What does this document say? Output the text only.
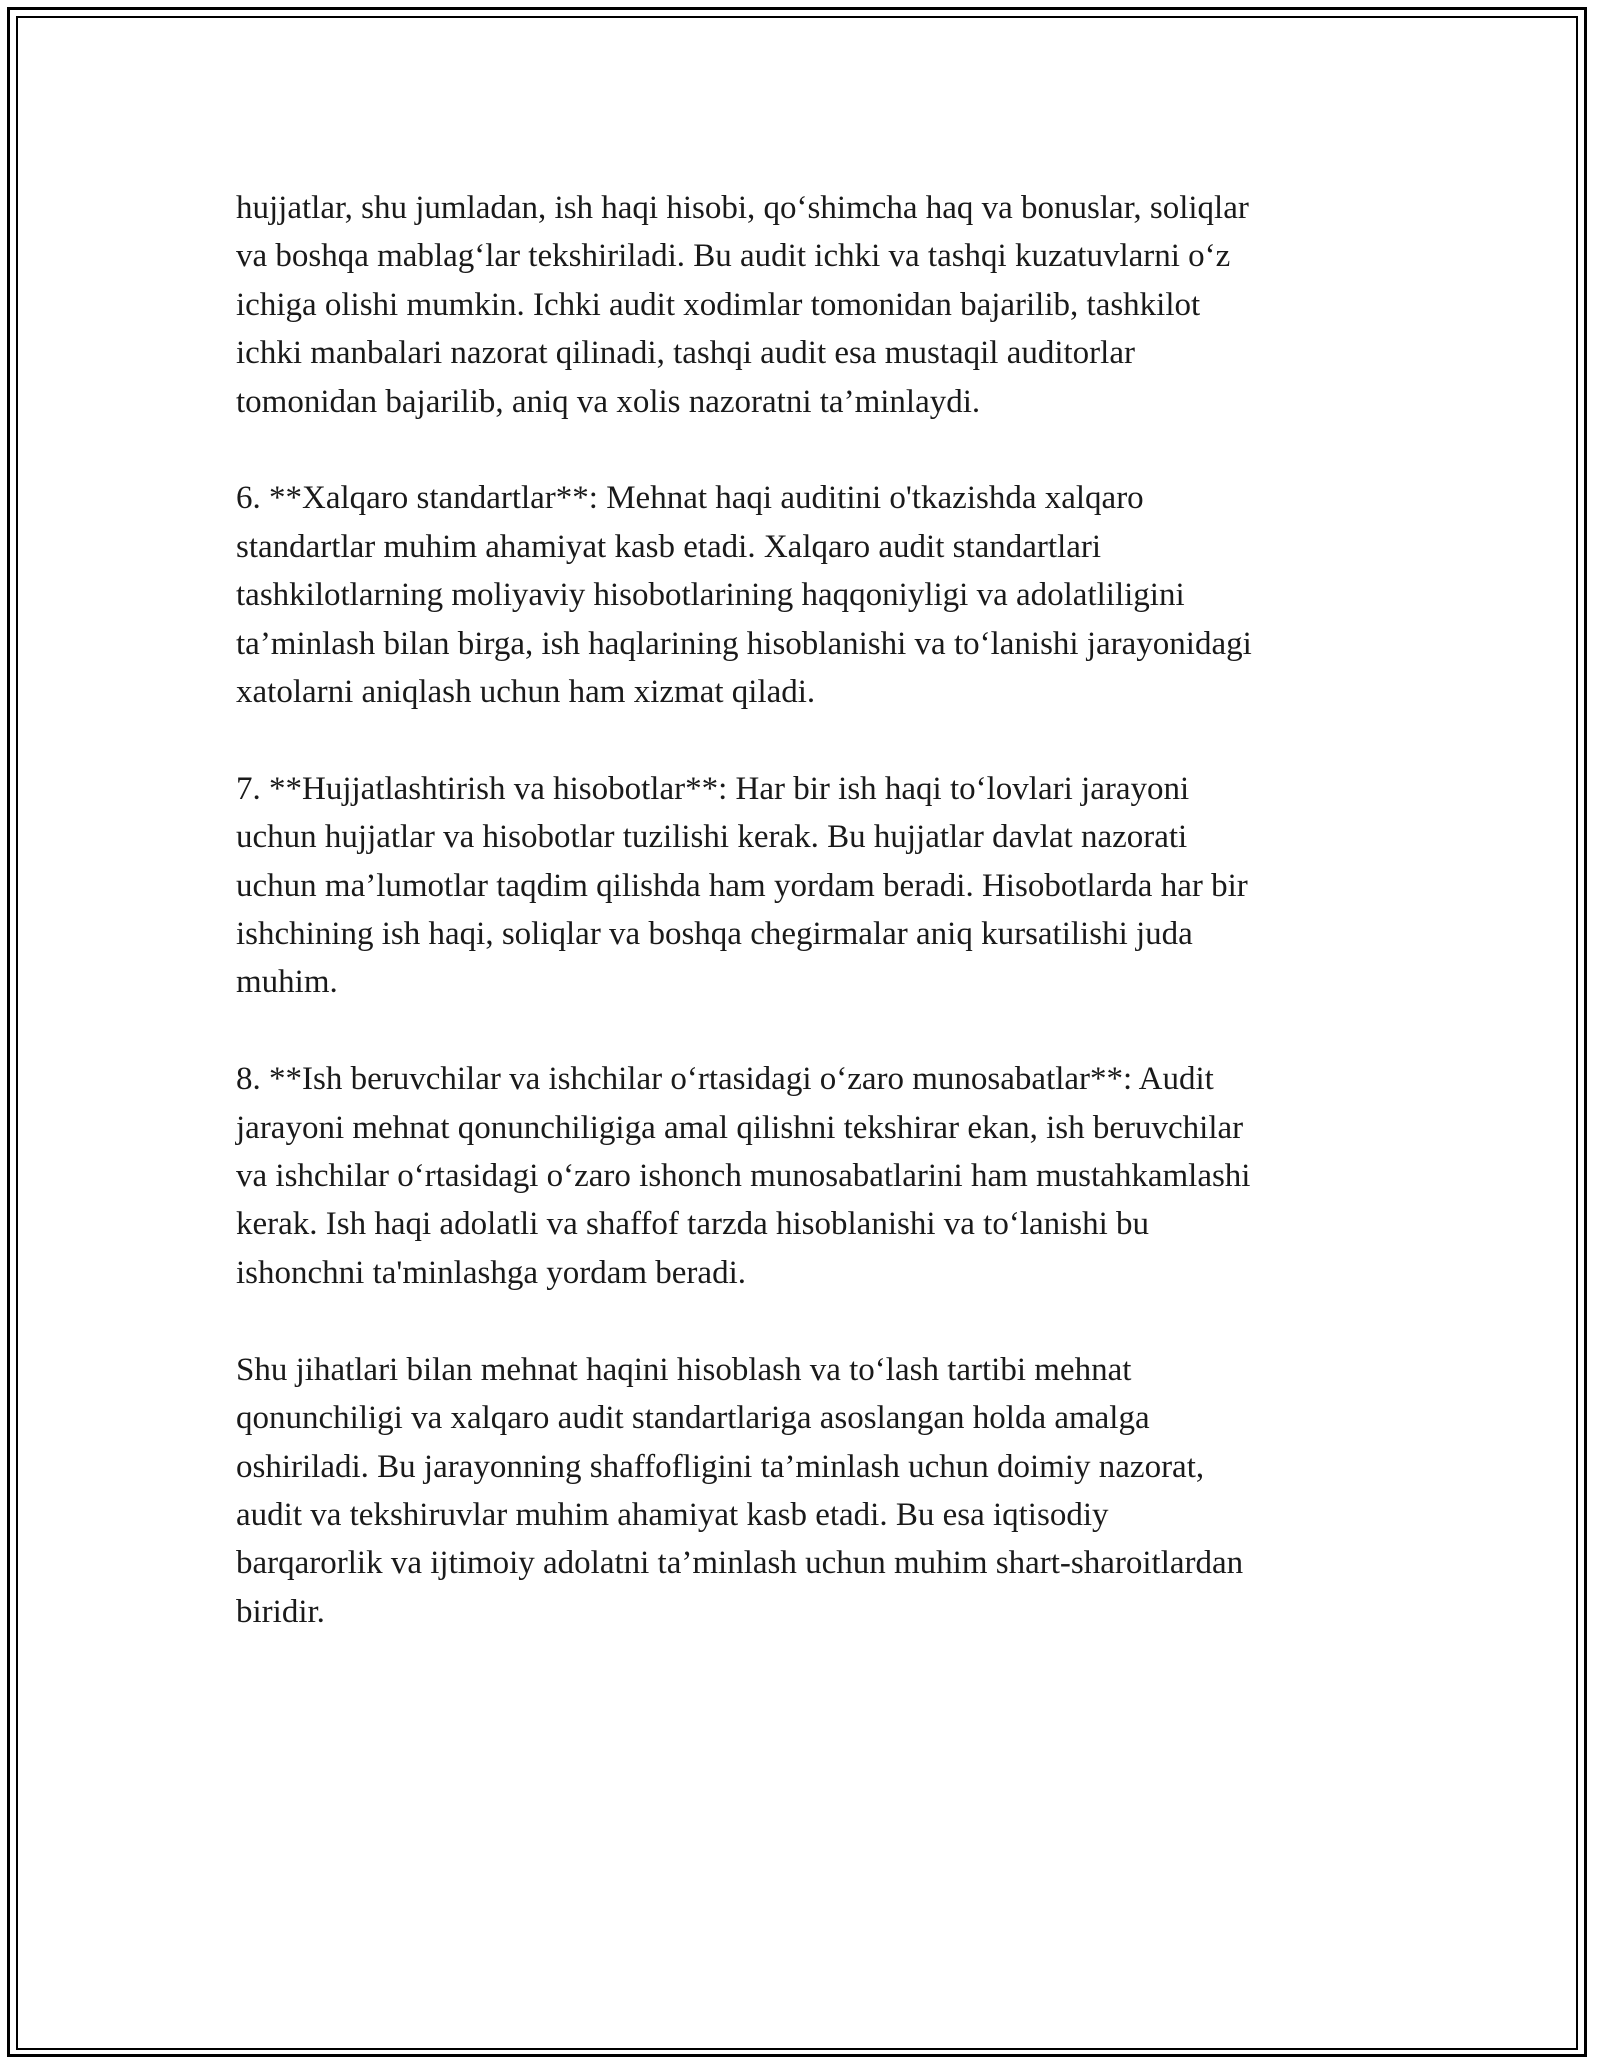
hujjatlar, shu jumladan, ish haqi hisobi, qo‘shimcha haq va bonuslar, soliqlar
va boshqa mablag‘lar tekshiriladi. Bu audit ichki va tashqi kuzatuvlarni o‘z
ichiga olishi mumkin. Ichki audit xodimlar tomonidan bajarilib, tashkilot
ichki manbalari nazorat qilinadi, tashqi audit esa mustaqil auditorlar
tomonidan bajarilib, aniq va xolis nazoratni ta’minlaydi.

6. **Xalqaro standartlar**: Mehnat haqi auditini o'tkazishda xalqaro
standartlar muhim ahamiyat kasb etadi. Xalqaro audit standartlari
tashkilotlarning moliyaviy hisobotlarining haqqoniyligi va adolatliligini
ta’minlash bilan birga, ish haqlarining hisoblanishi va to‘lanishi jarayonidagi
xatolarni aniqlash uchun ham xizmat qiladi.

7. **Hujjatlashtirish va hisobotlar**: Har bir ish haqi to‘lovlari jarayoni
uchun hujjatlar va hisobotlar tuzilishi kerak. Bu hujjatlar davlat nazorati
uchun ma’lumotlar taqdim qilishda ham yordam beradi. Hisobotlarda har bir
ishchining ish haqi, soliqlar va boshqa chegirmalar aniq kursatilishi juda
muhim.

8. **Ish beruvchilar va ishchilar o‘rtasidagi o‘zaro munosabatlar**: Audit
jarayoni mehnat qonunchiligiga amal qilishni tekshirar ekan, ish beruvchilar
va ishchilar o‘rtasidagi o‘zaro ishonch munosabatlarini ham mustahkamlashi
kerak. Ish haqi adolatli va shaffof tarzda hisoblanishi va to‘lanishi bu
ishonchni ta'minlashga yordam beradi.

Shu jihatlari bilan mehnat haqini hisoblash va to‘lash tartibi mehnat
qonunchiligi va xalqaro audit standartlariga asoslangan holda amalga
oshiriladi. Bu jarayonning shaffofligini ta’minlash uchun doimiy nazorat,
audit va tekshiruvlar muhim ahamiyat kasb etadi. Bu esa iqtisodiy
barqarorlik va ijtimoiy adolatni ta’minlash uchun muhim shart-sharoitlardan
biridir.
